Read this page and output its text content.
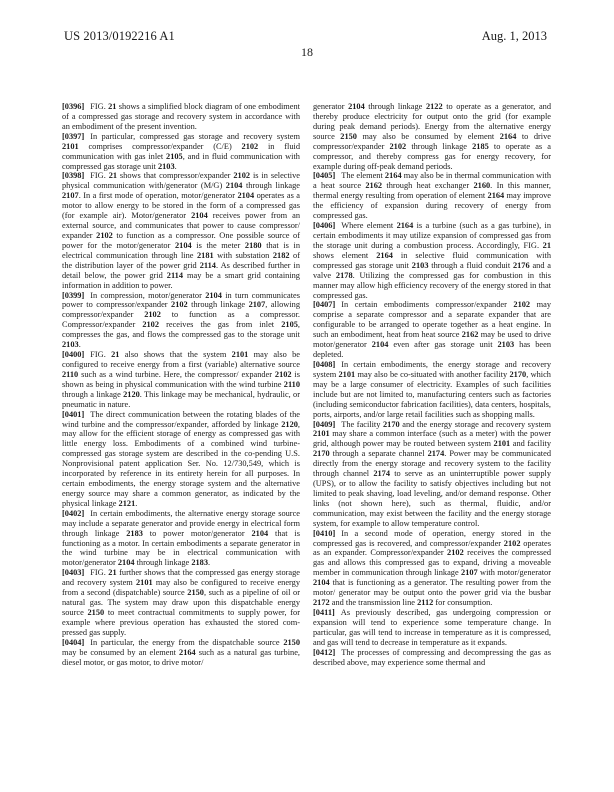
US 2013/0192216 A1	Aug. 1, 2013
18

[0396] FIG. 21 shows a simplified block diagram of one embodiment of a compressed gas storage and recovery system in accordance with an embodiment of the present invention.

[0397] In particular, compressed gas storage and recovery system 2101 comprises compressor/expander (C/E) 2102 in fluid communication with gas inlet 2105, and in fluid communication with compressed gas storage unit 2103.

[0398] FIG. 21 shows that compressor/expander 2102 is in selective physical communication with/generator (M/G) 2104 through linkage 2107. In a first mode of operation, motor/generator 2104 operates as a motor to allow energy to be stored in the form of a compressed gas (for example air). Motor/generator 2104 receives power from an external source, and communicates that power to cause compressor/ expander 2102 to function as a compressor. One possible source of power for the motor/generator 2104 is the meter 2180 that is in electrical communication through line 2181 with substation 2182 of the distribution layer of the power grid 2114. As described further in detail below, the power grid 2114 may be a smart grid containing information in addition to power.

[0399] In compression, motor/generator 2104 in turn communicates power to compressor/expander 2102 through linkage 2107, allowing compressor/expander 2102 to function as a compressor. Compressor/expander 2102 receives the gas from inlet 2105, compresses the gas, and flows the compressed gas to the storage unit 2103.

[0400] FIG. 21 also shows that the system 2101 may also be configured to receive energy from a first (variable) alternative source 2110 such as a wind turbine. Here, the compressor/ expander 2102 is shown as being in physical communication with the wind turbine 2110 through a linkage 2120. This linkage may be mechanical, hydraulic, or pneumatic in nature.

[0401] The direct communication between the rotating blades of the wind turbine and the compressor/expander, afforded by linkage 2120, may allow for the efficient storage of energy as compressed gas with little energy loss. Embodiments of a combined wind turbine-compressed gas storage system are described in the co-pending U.S. Nonprovisional patent application Ser. No. 12/730,549, which is incorporated by reference in its entirety herein for all purposes. In certain embodiments, the energy storage system and the alternative energy source may share a common generator, as indicated by the physical linkage 2121.

[0402] In certain embodiments, the alternative energy storage source may include a separate generator and provide energy in electrical form through linkage 2183 to power motor/generator 2104 that is functioning as a motor. In certain embodiments a separate generator in the wind turbine may be in electrical communication with motor/generator 2104 through linkage 2183.

[0403] FIG. 21 further shows that the compressed gas energy storage and recovery system 2101 may also be configured to receive energy from a second (dispatchable) source 2150, such as a pipeline of oil or natural gas. The system may draw upon this dispatchable energy source 2150 to meet contractual commitments to supply power, for example where previous operation has exhausted the stored compressed gas supply.

[0404] In particular, the energy from the dispatchable source 2150 may be consumed by an element 2164 such as a natural gas turbine, diesel motor, or gas motor, to drive motor/

generator 2104 through linkage 2122 to operate as a generator, and thereby produce electricity for output onto the grid (for example during peak demand periods). Energy from the alternative energy source 2150 may also be consumed by element 2164 to drive compressor/expander 2102 through linkage 2185 to operate as a compressor, and thereby compress gas for energy recovery, for example during off-peak demand periods.

[0405] The element 2164 may also be in thermal communication with a heat source 2162 through heat exchanger 2160. In this manner, thermal energy resulting from operation of element 2164 may improve the efficiency of expansion during recovery of energy from compressed gas.

[0406] Where element 2164 is a turbine (such as a gas turbine), in certain embodiments it may utilize expansion of compressed gas from the storage unit during a combustion process. Accordingly, FIG. 21 shows element 2164 in selective fluid communication with compressed gas storage unit 2103 through a fluid conduit 2176 and a valve 2178. Utilizing the compressed gas for combustion in this manner may allow high efficiency recovery of the energy stored in that compressed gas.

[0407] In certain embodiments compressor/expander 2102 may comprise a separate compressor and a separate expander that are configurable to be arranged to operate together as a heat engine. In such an embodiment, heat from heat source 2162 may be used to drive motor/generator 2104 even after gas storage unit 2103 has been depleted.

[0408] In certain embodiments, the energy storage and recovery system 2101 may also be co-situated with another facility 2170, which may be a large consumer of electricity. Examples of such facilities include but are not limited to, manufacturing centers such as factories (including semiconductor fabrication facilities), data centers, hospitals, ports, airports, and/or large retail facilities such as shopping malls.

[0409] The facility 2170 and the energy storage and recovery system 2101 may share a common interface (such as a meter) with the power grid, although power may be routed between system 2101 and facility 2170 through a separate channel 2174. Power may be communicated directly from the energy storage and recovery system to the facility through channel 2174 to serve as an uninterruptible power supply (UPS), or to allow the facility to satisfy objectives including but not limited to peak shaving, load leveling, and/or demand response. Other links (not shown here), such as thermal, fluidic, and/or communication, may exist between the facility and the energy storage system, for example to allow temperature control.

[0410] In a second mode of operation, energy stored in the compressed gas is recovered, and compressor/expander 2102 operates as an expander. Compressor/expander 2102 receives the compressed gas and allows this compressed gas to expand, driving a moveable member in communication through linkage 2107 with motor/generator 2104 that is functioning as a generator. The resulting power from the motor/ generator may be output onto the power grid via the busbar 2172 and the transmission line 2112 for consumption.

[0411] As previously described, gas undergoing compression or expansion will tend to experience some temperature change. In particular, gas will tend to increase in temperature as it is compressed, and gas will tend to decrease in temperature as it expands.

[0412] The processes of compressing and decompressing the gas as described above, may experience some thermal and
